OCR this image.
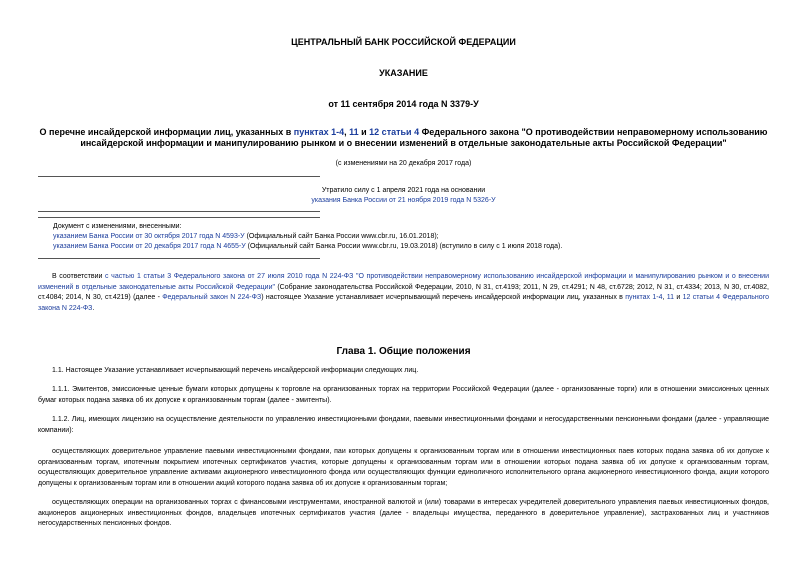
ЦЕНТРАЛЬНЫЙ БАНК РОССИЙСКОЙ ФЕДЕРАЦИИ
УКАЗАНИЕ
от 11 сентября 2014 года N 3379-У
О перечне инсайдерской информации лиц, указанных в пунктах 1-4, 11 и 12 статьи 4 Федерального закона "О противодействии неправомерному использованию
инсайдерской информации и манипулированию рынком и о внесении изменений в отдельные законодательные акты Российской Федерации"
(с изменениями на 20 декабря 2017 года)
Утратило силу с 1 апреля 2021 года на основании
указания Банка России от 21 ноября 2019 года N 5326-У
Документ с изменениями, внесенными:
указанием Банка России от 30 октября 2017 года N 4593-У (Официальный сайт Банка России www.cbr.ru, 16.01.2018);
указанием Банка России от 20 декабря 2017 года N 4655-У (Официальный сайт Банка России www.cbr.ru, 19.03.2018) (вступило в силу с 1 июля 2018 года).
В соответствии с частью 1 статьи 3 Федерального закона от 27 июля 2010 года N 224-ФЗ "О противодействии неправомерному использованию инсайдерской информации и манипулированию рынком и о внесении изменений в отдельные законодательные акты Российской Федерации" (Собрание законодательства Российской Федерации, 2010, N 31, ст.4193; 2011, N 29, ст.4291; N 48, ст.6728; 2012, N 31, ст.4334; 2013, N 30, ст.4082, ст.4084; 2014, N 30, ст.4219) (далее - Федеральный закон N 224-ФЗ) настоящее Указание устанавливает исчерпывающий перечень инсайдерской информации лиц, указанных в пунктах 1-4, 11 и 12 статьи 4 Федерального закона N 224-ФЗ.
Глава 1. Общие положения
1.1. Настоящее Указание устанавливает исчерпывающий перечень инсайдерской информации следующих лиц.
1.1.1. Эмитентов, эмиссионные ценные бумаги которых допущены к торговле на организованных торгах на территории Российской Федерации (далее - организованные торги) или в отношении эмиссионных ценных бумаг которых подана заявка об их допуске к организованным торгам (далее - эмитенты).
1.1.2. Лиц, имеющих лицензию на осуществление деятельности по управлению инвестиционными фондами, паевыми инвестиционными фондами и негосударственными пенсионными фондами (далее - управляющие компании):
осуществляющих доверительное управление паевыми инвестиционными фондами, паи которых допущены к организованным торгам или в отношении инвестиционных паев которых подана заявка об их допуске к организованным торгам, ипотечным покрытием ипотечных сертификатов участия, которые допущены к организованным торгам или в отношении которых подана заявка об их допуске к организованным торгам, осуществляющих доверительное управление активами акционерного инвестиционного фонда или осуществляющих функции единоличного исполнительного органа акционерного инвестиционного фонда, акции которого допущены к организованным торгам или в отношении акций которого подана заявка об их допуске к организованным торгам;
осуществляющих операции на организованных торгах с финансовыми инструментами, иностранной валютой и (или) товарами в интересах учредителей доверительного управления паевых инвестиционных фондов, акционеров акционерных инвестиционных фондов, владельцев ипотечных сертификатов участия (далее - владельцы имущества, переданного в доверительное управление), застрахованных лиц и участников негосударственных пенсионных фондов.
